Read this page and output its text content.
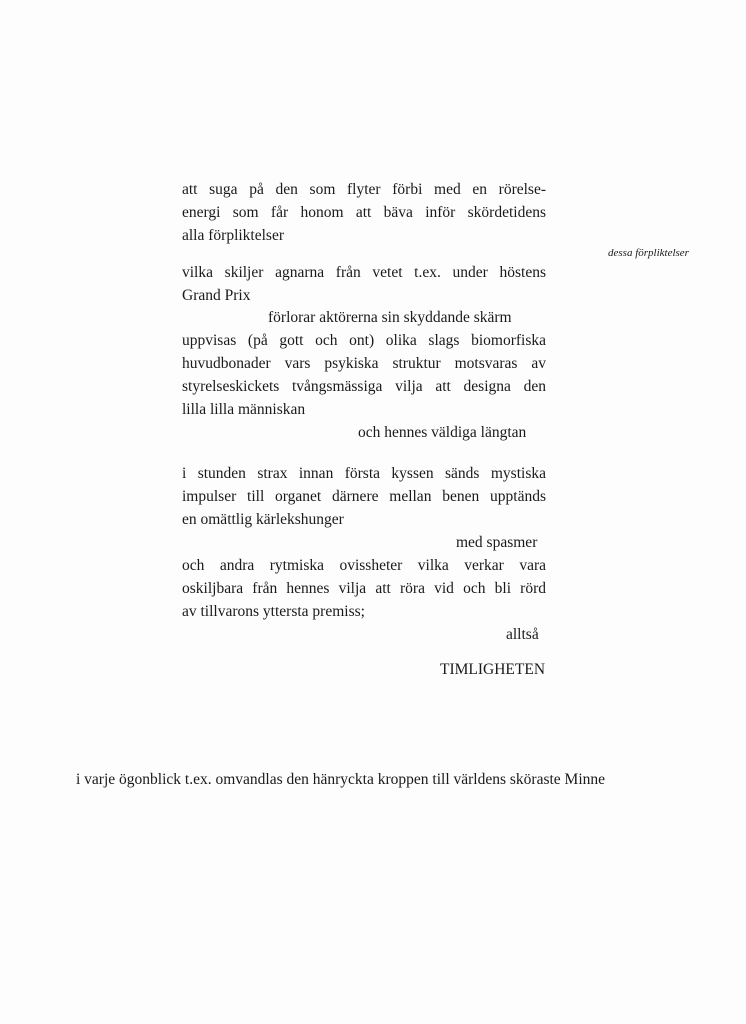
att suga på den som flyter förbi med en rörelse-
energi som får honom att bäva inför skördetidens
alla förpliktelser
vilka skiljer agnarna från vetet t.ex. under höstens
Grand Prix
förlorar aktörerna sin skyddande skärm
uppvisas (på gott och ont) olika slags biomorfiska
huvudbonader vars psykiska struktur motsvaras av
styrelseskickets tvångsmässiga vilja att designa den
lilla lilla människan
och hennes väldiga längtan
i stunden strax innan första kyssen sänds mystiska
impulser till organet därnere mellan benen upptänds
en omättlig kärlekshunger
med spasmer
och andra rytmiska ovissheter vilka verkar vara
oskiljbara från hennes vilja att röra vid och bli rörd
av tillvarons yttersta premiss;
alltså
TIMLIGHETEN
dessa förpliktelser
i varje ögonblick t.ex. omvandlas den hänryckta kroppen till världens sköraste Minne
